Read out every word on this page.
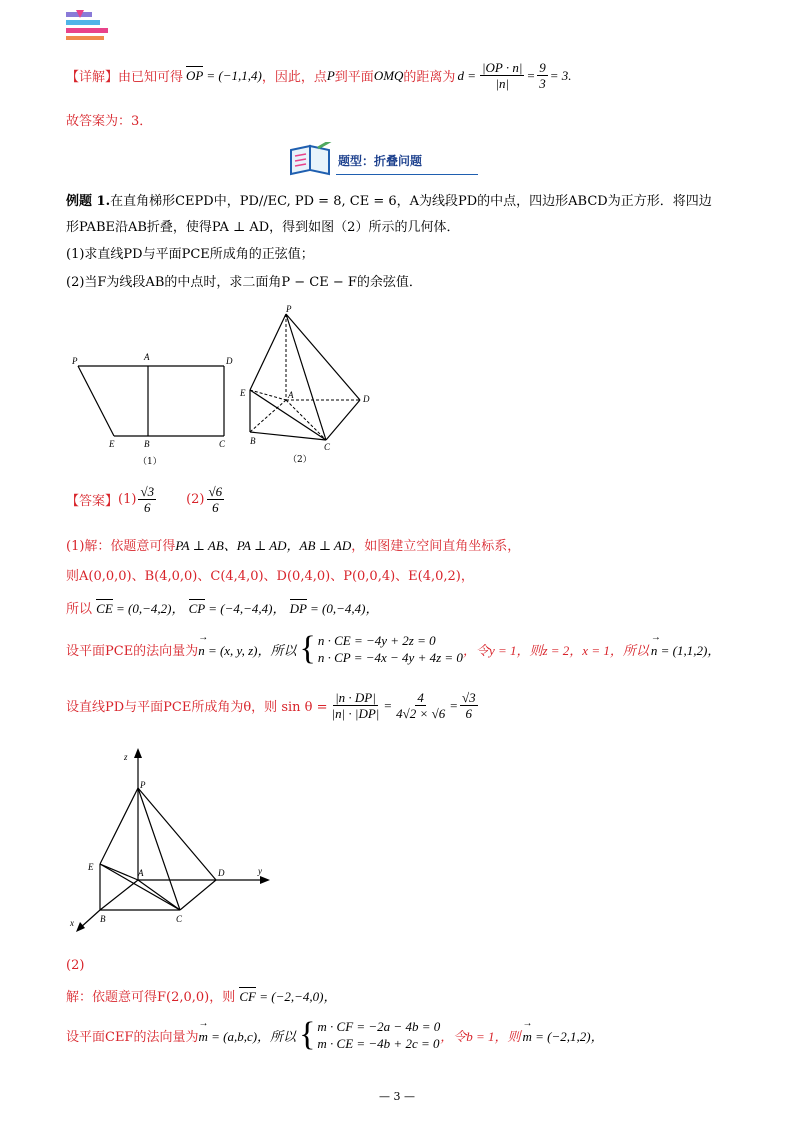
【详解】 由已知可得 OP = (−1,1,4) ，因此，点 P 到平面 OMQ 的距离为 $d = \frac{|OP \cdot n|}{|n|} = \frac{9}{3} = 3$.
故答案为：3．
题型：折叠问题
例题 1.在直角梯形CEPD中，PD//EC, PD = 8, CE = 6，A为线段PD的中点，四边形ABCD为正方形．将四边
形PABE沿AB折叠，使得PA ⊥ AD，得到如图（2）所示的几何体．
(1)求直线PD与平面PCE所成角的正弦值；
(2)当F为线段AB的中点时，求二面角P − CE − F的余弦值．
P	A	D
E	B	C
（1）
P
E	A	D
B
C
（2）
【答案】 $(1) \frac{√3}{6} (2) \frac{√6}{6}$
(1)解：依题意可得PA ⊥ AB、PA ⊥ AD，AB ⊥ AD，如图建立空间直角坐标系，
则A(0,0,0)、B(4,0,0)、C(4,4,0)、D(0,4,0)、P(0,0,4)、E(4,0,2)，
所以 CE = (0,−4,2)， CP = (−4,−4,4)， DP = (0,−4,4)，
设平面PCE的法向量为 → n = (x, y, z)，所以 { n · CE = −4y + 2z = 0
n · CP = −4x − 4y + 4z = 0 ，令y = 1，则z = 2，x = 1，所以 → n = (1,1,2)，
设直线PD与平面PCE所成角为θ，则 $\sin \theta = \frac{|n \cdot DP|}{|n| \cdot |DP|} = \frac{4}{4√2 \times √6} = \frac{√3}{6}$
z
P
E
A	D	y
B	C
x
(2)
解：依题意可得F(2,0,0)，则 CF = (−2,−4,0)，
设平面CEF的法向量为 → m = (a,b,c)，所以 { m · CF = −2a − 4b = 0
m · CE = −4b + 2c = 0 ，令b = 1，则 → m = (−2,1,2)，
— 3 —
